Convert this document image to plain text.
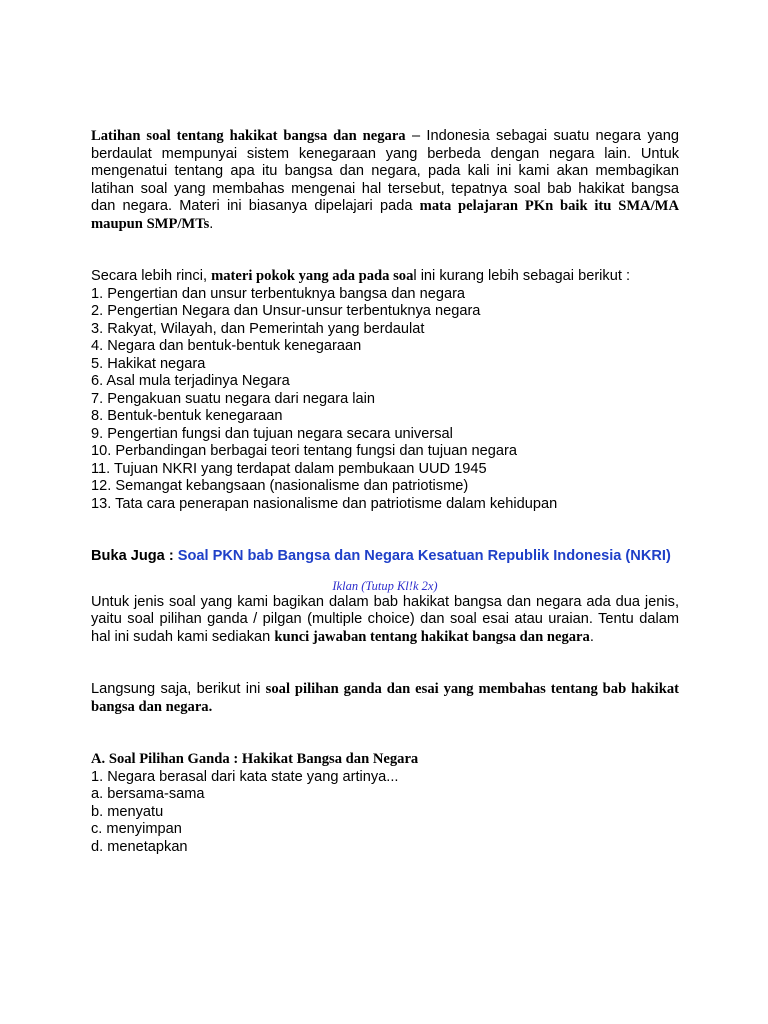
Latihan soal tentang hakikat bangsa dan negara – Indonesia sebagai suatu negara yang berdaulat mempunyai sistem kenegaraan yang berbeda dengan negara lain. Untuk mengenatui tentang apa itu bangsa dan negara, pada kali ini kami akan membagikan latihan soal yang membahas mengenai hal tersebut, tepatnya soal bab hakikat bangsa dan negara. Materi ini biasanya dipelajari pada mata pelajaran PKn baik itu SMA/MA maupun SMP/MTs.

Secara lebih rinci, materi pokok yang ada pada soal ini kurang lebih sebagai berikut :

1. Pengertian dan unsur terbentuknya bangsa dan negara
2. Pengertian Negara dan Unsur-unsur terbentuknya negara
3. Rakyat, Wilayah, dan Pemerintah yang berdaulat
4. Negara dan bentuk-bentuk kenegaraan
5. Hakikat negara
6. Asal mula terjadinya Negara
7. Pengakuan suatu negara dari negara lain
8. Bentuk-bentuk kenegaraan
9. Pengertian fungsi dan tujuan negara secara universal
10. Perbandingan berbagai teori tentang fungsi dan tujuan negara
11. Tujuan NKRI yang terdapat dalam pembukaan UUD 1945
12. Semangat kebangsaan (nasionalisme dan patriotisme)
13. Tata cara penerapan nasionalisme dan patriotisme dalam kehidupan

Buka Juga : Soal PKN bab Bangsa dan Negara Kesatuan Republik Indonesia (NKRI)

Iklan (Tutup Kl!k 2x)

Untuk jenis soal yang kami bagikan dalam bab hakikat bangsa dan negara ada dua jenis, yaitu soal pilihan ganda / pilgan (multiple choice) dan soal esai atau uraian. Tentu dalam hal ini sudah kami sediakan kunci jawaban tentang hakikat bangsa dan negara.

Langsung saja, berikut ini soal pilihan ganda dan esai yang membahas tentang bab hakikat bangsa dan negara.

A. Soal Pilihan Ganda : Hakikat Bangsa dan Negara
1. Negara berasal dari kata state yang artinya...
a. bersama-sama
b. menyatu
c. menyimpan
d. menetapkan
